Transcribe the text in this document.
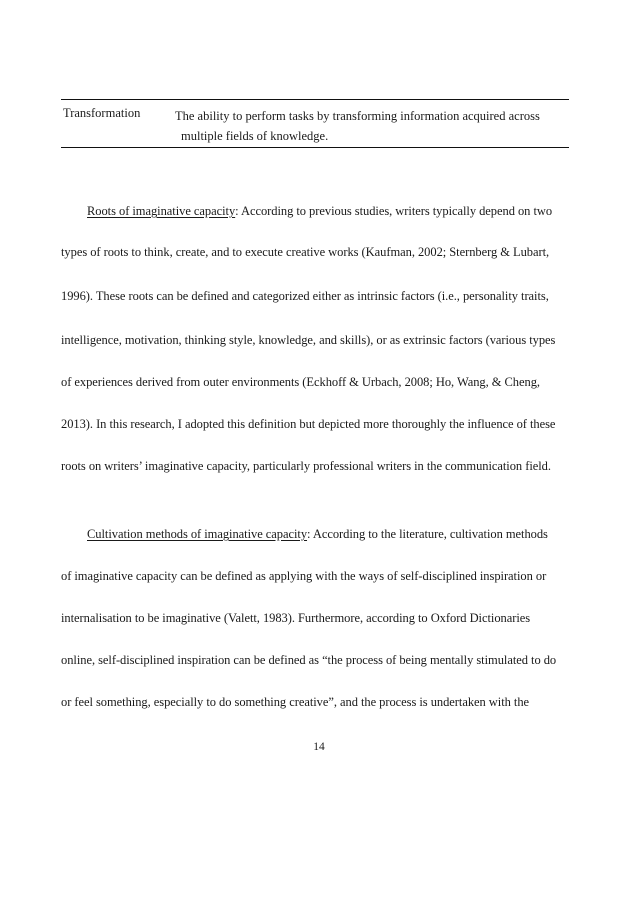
Transformation	The ability to perform tasks by transforming information acquired across
multiple fields of knowledge.
Roots of imaginative capacity: According to previous studies, writers typically depend on two
types of roots to think, create, and to execute creative works (Kaufman, 2002; Sternberg & Lubart,
1996). These roots can be defined and categorized either as intrinsic factors (i.e., personality traits,
intelligence, motivation, thinking style, knowledge, and skills), or as extrinsic factors (various types
of experiences derived from outer environments (Eckhoff & Urbach, 2008; Ho, Wang, & Cheng,
2013). In this research, I adopted this definition but depicted more thoroughly the influence of these
roots on writers’ imaginative capacity, particularly professional writers in the communication field.
Cultivation methods of imaginative capacity: According to the literature, cultivation methods
of imaginative capacity can be defined as applying with the ways of self-disciplined inspiration or
internalisation to be imaginative (Valett, 1983). Furthermore, according to Oxford Dictionaries
online, self-disciplined inspiration can be defined as “the process of being mentally stimulated to do
or feel something, especially to do something creative”, and the process is undertaken with the
14
